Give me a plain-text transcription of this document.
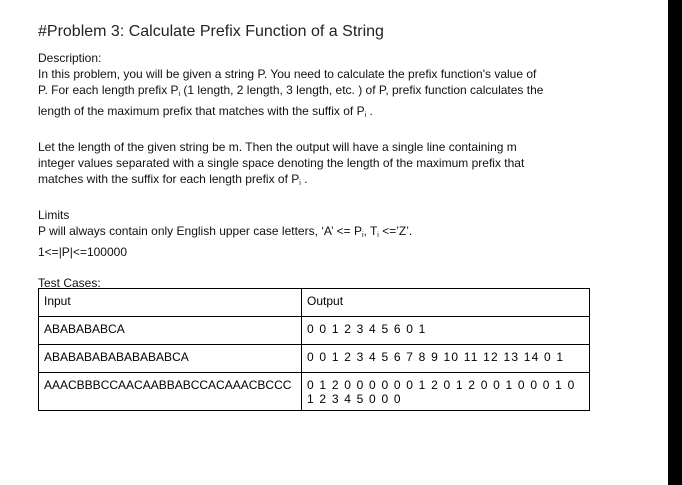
#Problem 3: Calculate Prefix Function of a String

Description:

In this problem, you will be given a string P. You need to calculate the prefix function's value of

P. For each length prefix $P_i$ (1 length, 2 length, 3 length, etc. ) of P, prefix function calculates the

length of the maximum prefix that matches with the suffix of $P_i$ .

Let the length of the given string be m. Then the output will have a single line containing m

integer values separated with a single space denoting the length of the maximum prefix that

matches with the suffix for each length prefix of $P_i$ .

Limits

P will always contain only English upper case letters, ‘A’ <= $P_i$, $T_i$ <=’Z’.

1<=|P|<=100000

Test Cases:

Input	Output
ABABABABCA	0 0 1 2 3 4 5 6 0 1
ABABABABABABABABCA	0 0 1 2 3 4 5 6 7 8 9 10 11 12 13 14 0 1
AAACBBBCCAACAABBABCCACAAACBCCC	0 1 2 0 0 0 0 0 0 1 2 0 1 2 0 0 1 0 0 0 1 0 1 2 3 4 5 0 0 0
